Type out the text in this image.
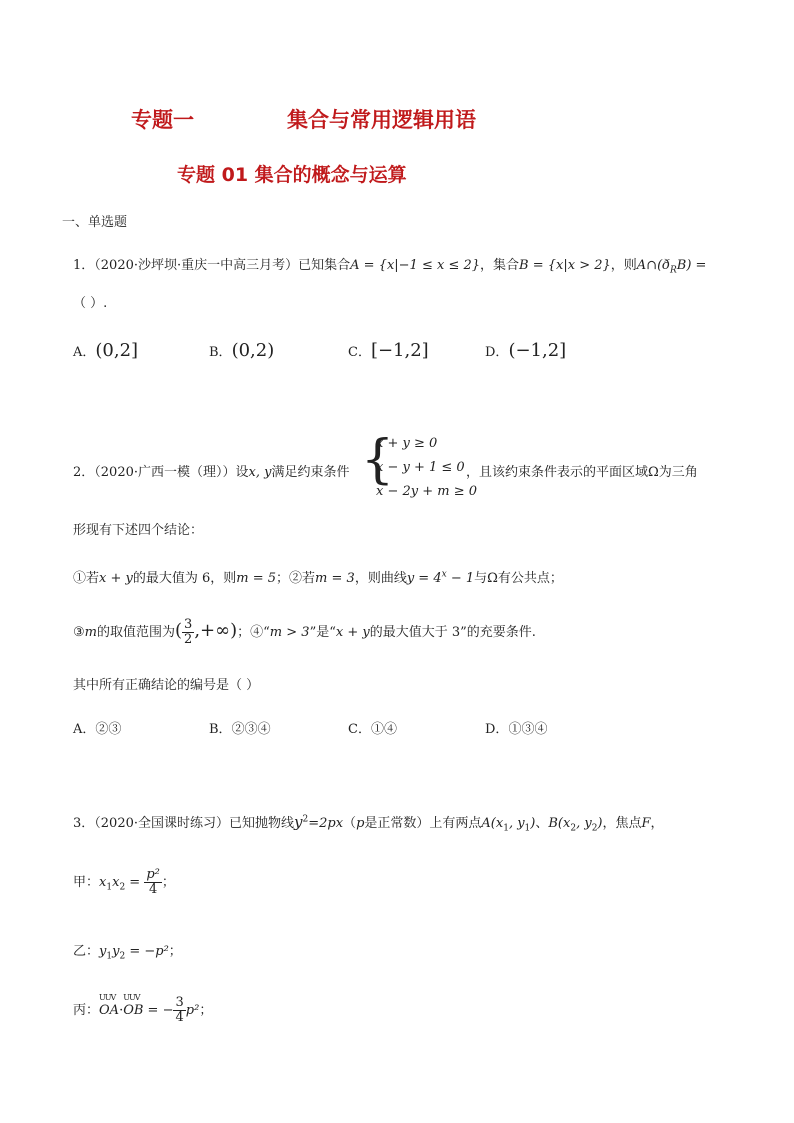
专题一	集合与常用逻辑用语
专题 01 集合的概念与运算
一、单选题
1．（2020·沙坪坝·重庆一中高三月考）已知集合A = {x|−1 ≤ x ≤ 2}，集合B = {x|x > 2}，则$A\cap(ð_RB)$ =
（ ）.
A．(0,2]	B．(0,2)	C．[−1,2]	D．(−1,2]
2．（2020·广西一模（理））设x, y满足约束条件 {
x + y ≥ 0
x − y + 1 ≤ 0
x − 2y + m ≥ 0
，且该约束条件表示的平面区域Ω为三角
形现有下述四个结论：
①若x + y的最大值为 6，则m = 5；②若m = 3，则曲线$y = 4^x - 1$与Ω有公共点；
③m的取值范围为( $\frac{3}{2}$ ,+∞)；④“m > 3”是“x + y的最大值大于 3”的充要条件.
其中所有正确结论的编号是（ ）
A．②③	B．②③④	C．①④	D．①③④
3．（2020·全国课时练习）已知抛物线$y^2=2px(p$是正常数）上有两点$A(x_1$, $y_1$)、$B(x_2$, $y_2$)，焦点F，
甲：$x_1x_2 = \frac{\text{p²}}{4}$ ；
乙：$y_1y_2 = -p^2$；
丙：
UUV
OA·
UUV
OB = − $\frac{3}{4} p^2$；
